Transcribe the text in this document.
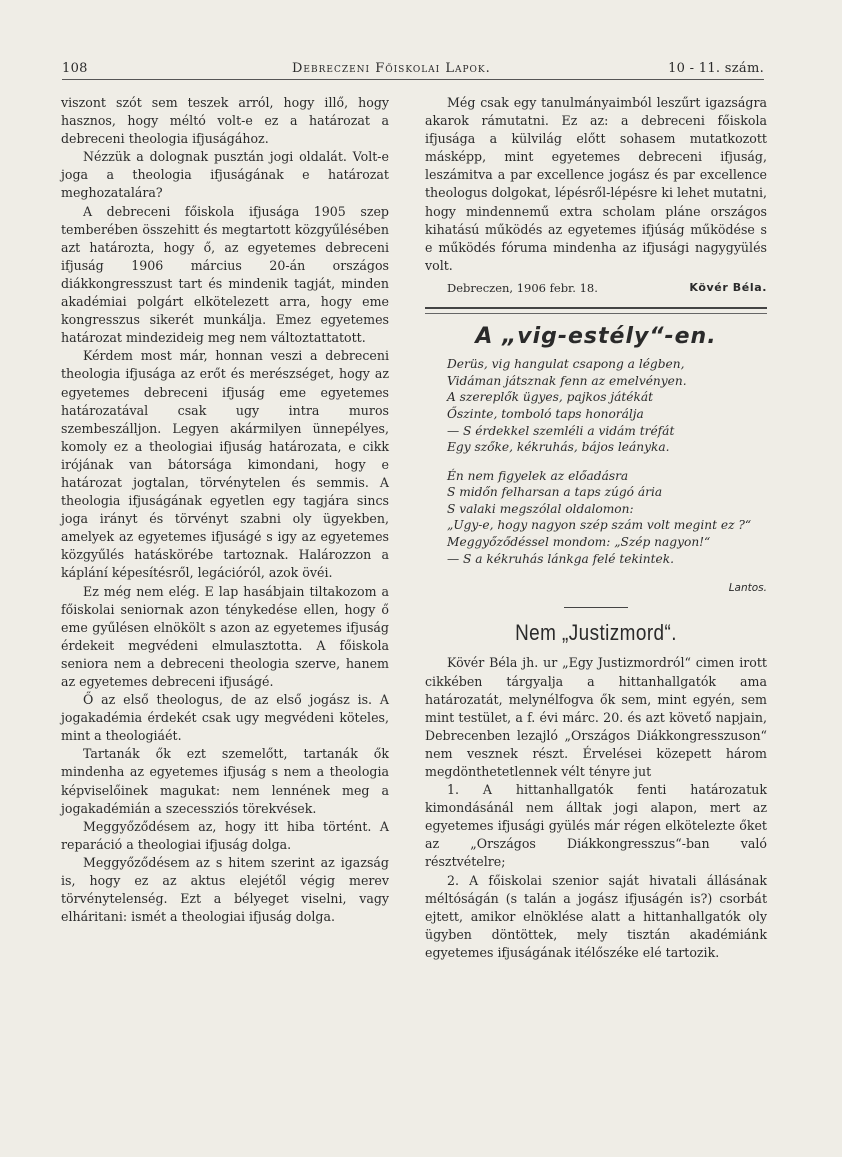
108	Debreczeni Főiskolai Lapok.	10 - 11. szám.

viszont szót sem teszek arról, hogy illő, hogy hasznos, hogy méltó volt-e ez a határozat a debreceni theologia ifjuságához.

Nézzük a dolognak pusztán jogi oldalát. Volt-e joga a theologia ifjuságának e határozat meghozatalára?

A debreceni főiskola ifjusága 1905 szep temberében összehitt és megtartott közgyűlésében azt határozta, hogy ő, az egyetemes debreceni ifjuság 1906 március 20-án országos diákkongresszust tart és mindenik tagját, minden akadémiai polgárt elkötelezett arra, hogy eme kongresszus sikerét munkálja. Emez egyetemes határozat mindezideig meg nem változtattatott.

Kérdem most már, honnan veszi a debreceni theologia ifjusága az erőt és merészséget, hogy az egyetemes debreceni ifjuság eme egyetemes határozatával csak ugy intra muros szembeszálljon. Legyen akármilyen ünnepélyes, komoly ez a theologiai ifjuság határozata, e cikk irójának van bátorsága kimondani, hogy e határozat jogtalan, törvénytelen és semmis. A theologia ifjuságának egyetlen egy tagjára sincs joga irányt és törvényt szabni oly ügyekben, amelyek az egyetemes ifjuságé s igy az egyetemes közgyűlés hatáskörébe tartoznak. Halározzon a káplání képesítésről, legációról, azok övéi.

Ez még nem elég. E lap hasábjain tiltakozom a főiskolai seniornak azon ténykedése ellen, hogy ő eme gyűlésen elnökölt s azon az egyetemes ifjuság érdekeit megvédeni elmulasztotta. A főiskola seniora nem a debreceni theologia szerve, hanem az egyetemes debreceni ifjuságé.

Ő az első theologus, de az első jogász is. A jogakadémia érdekét csak ugy megvédeni köteles, mint a theologiáét.

Tartanák ők ezt szemelőtt, tartanák ők mindenha az egyetemes ifjuság s nem a theologia képviselőinek magukat: nem lennének meg a jogakadémián a szecessziós törekvések.

Meggyőződésem az, hogy itt hiba történt. A reparáció a theologiai ifjuság dolga.

Meggyőződésem az s hitem szerint az igazság is, hogy ez az aktus elejétől végig merev törvénytelenség. Ezt a bélyeget viselni, vagy elháritani: ismét a theologiai ifjuság dolga.

Még csak egy tanulmányaimból leszűrt igazságra akarok rámutatni. Ez az: a debreceni főiskola ifjusága a külvilág előtt sohasem mutatkozott másképp, mint egyetemes debreceni ifjuság, leszámitva a par excellence jogász és par excellence theologus dolgokat, lépésről-lépésre ki lehet mutatni, hogy mindennemű extra scholam pláne országos kihatású működés az egyetemes ifjúság működése s e működés fóruma mindenha az ifjusági nagygyülés volt.

Debreczen, 1906 febr. 18.	Kövér Béla.
A „vig-estély“-en.

Derüs, vig hangulat csapong a légben,

Vidáman játsznak fenn az emelvényen.

A szereplők ügyes, pajkos játékát

Őszinte, tomboló taps honorálja

— S érdekkel szemléli a vidám tréfát

Egy szőke, kékruhás, bájos leányka.

Én nem figyelek az előadásra

S midőn felharsan a taps zúgó ária

S valaki megszólal oldalomon:

„Ugy-e, hogy nagyon szép szám volt megint ez ?“

Meggyőződéssel mondom: „Szép nagyon!“

— S a kékruhás lánkga felé tekintek.

Lantos.
Nem „Justizmord“.

Kövér Béla jh. ur „Egy Justizmordról“ cimen irott cikkében tárgyalja a hittanhallgatók ama határozatát, melynélfogva ők sem, mint egyén, sem mint testület, a f. évi márc. 20. és azt követő napjain, Debrecenben lezajló „Országos Diákkongresszuson“ nem vesznek részt. Érvelései közepett három megdönthetetlennek vélt tényre jut

1. A hittanhallgatók fenti határozatuk kimondásánál nem álltak jogi alapon, mert az egyetemes ifjusági gyülés már régen elkötelezte őket az „Országos Diákkongresszus“-ban való résztvételre;

2. A főiskolai szenior saját hivatali állásának méltóságán (s talán a jogász ifjuságén is?) csorbát ejtett, amikor elnöklése alatt a hittanhallgatók oly ügyben döntöttek, mely tisztán akadémiánk egyetemes ifjuságának itélőszéke elé tartozik.
